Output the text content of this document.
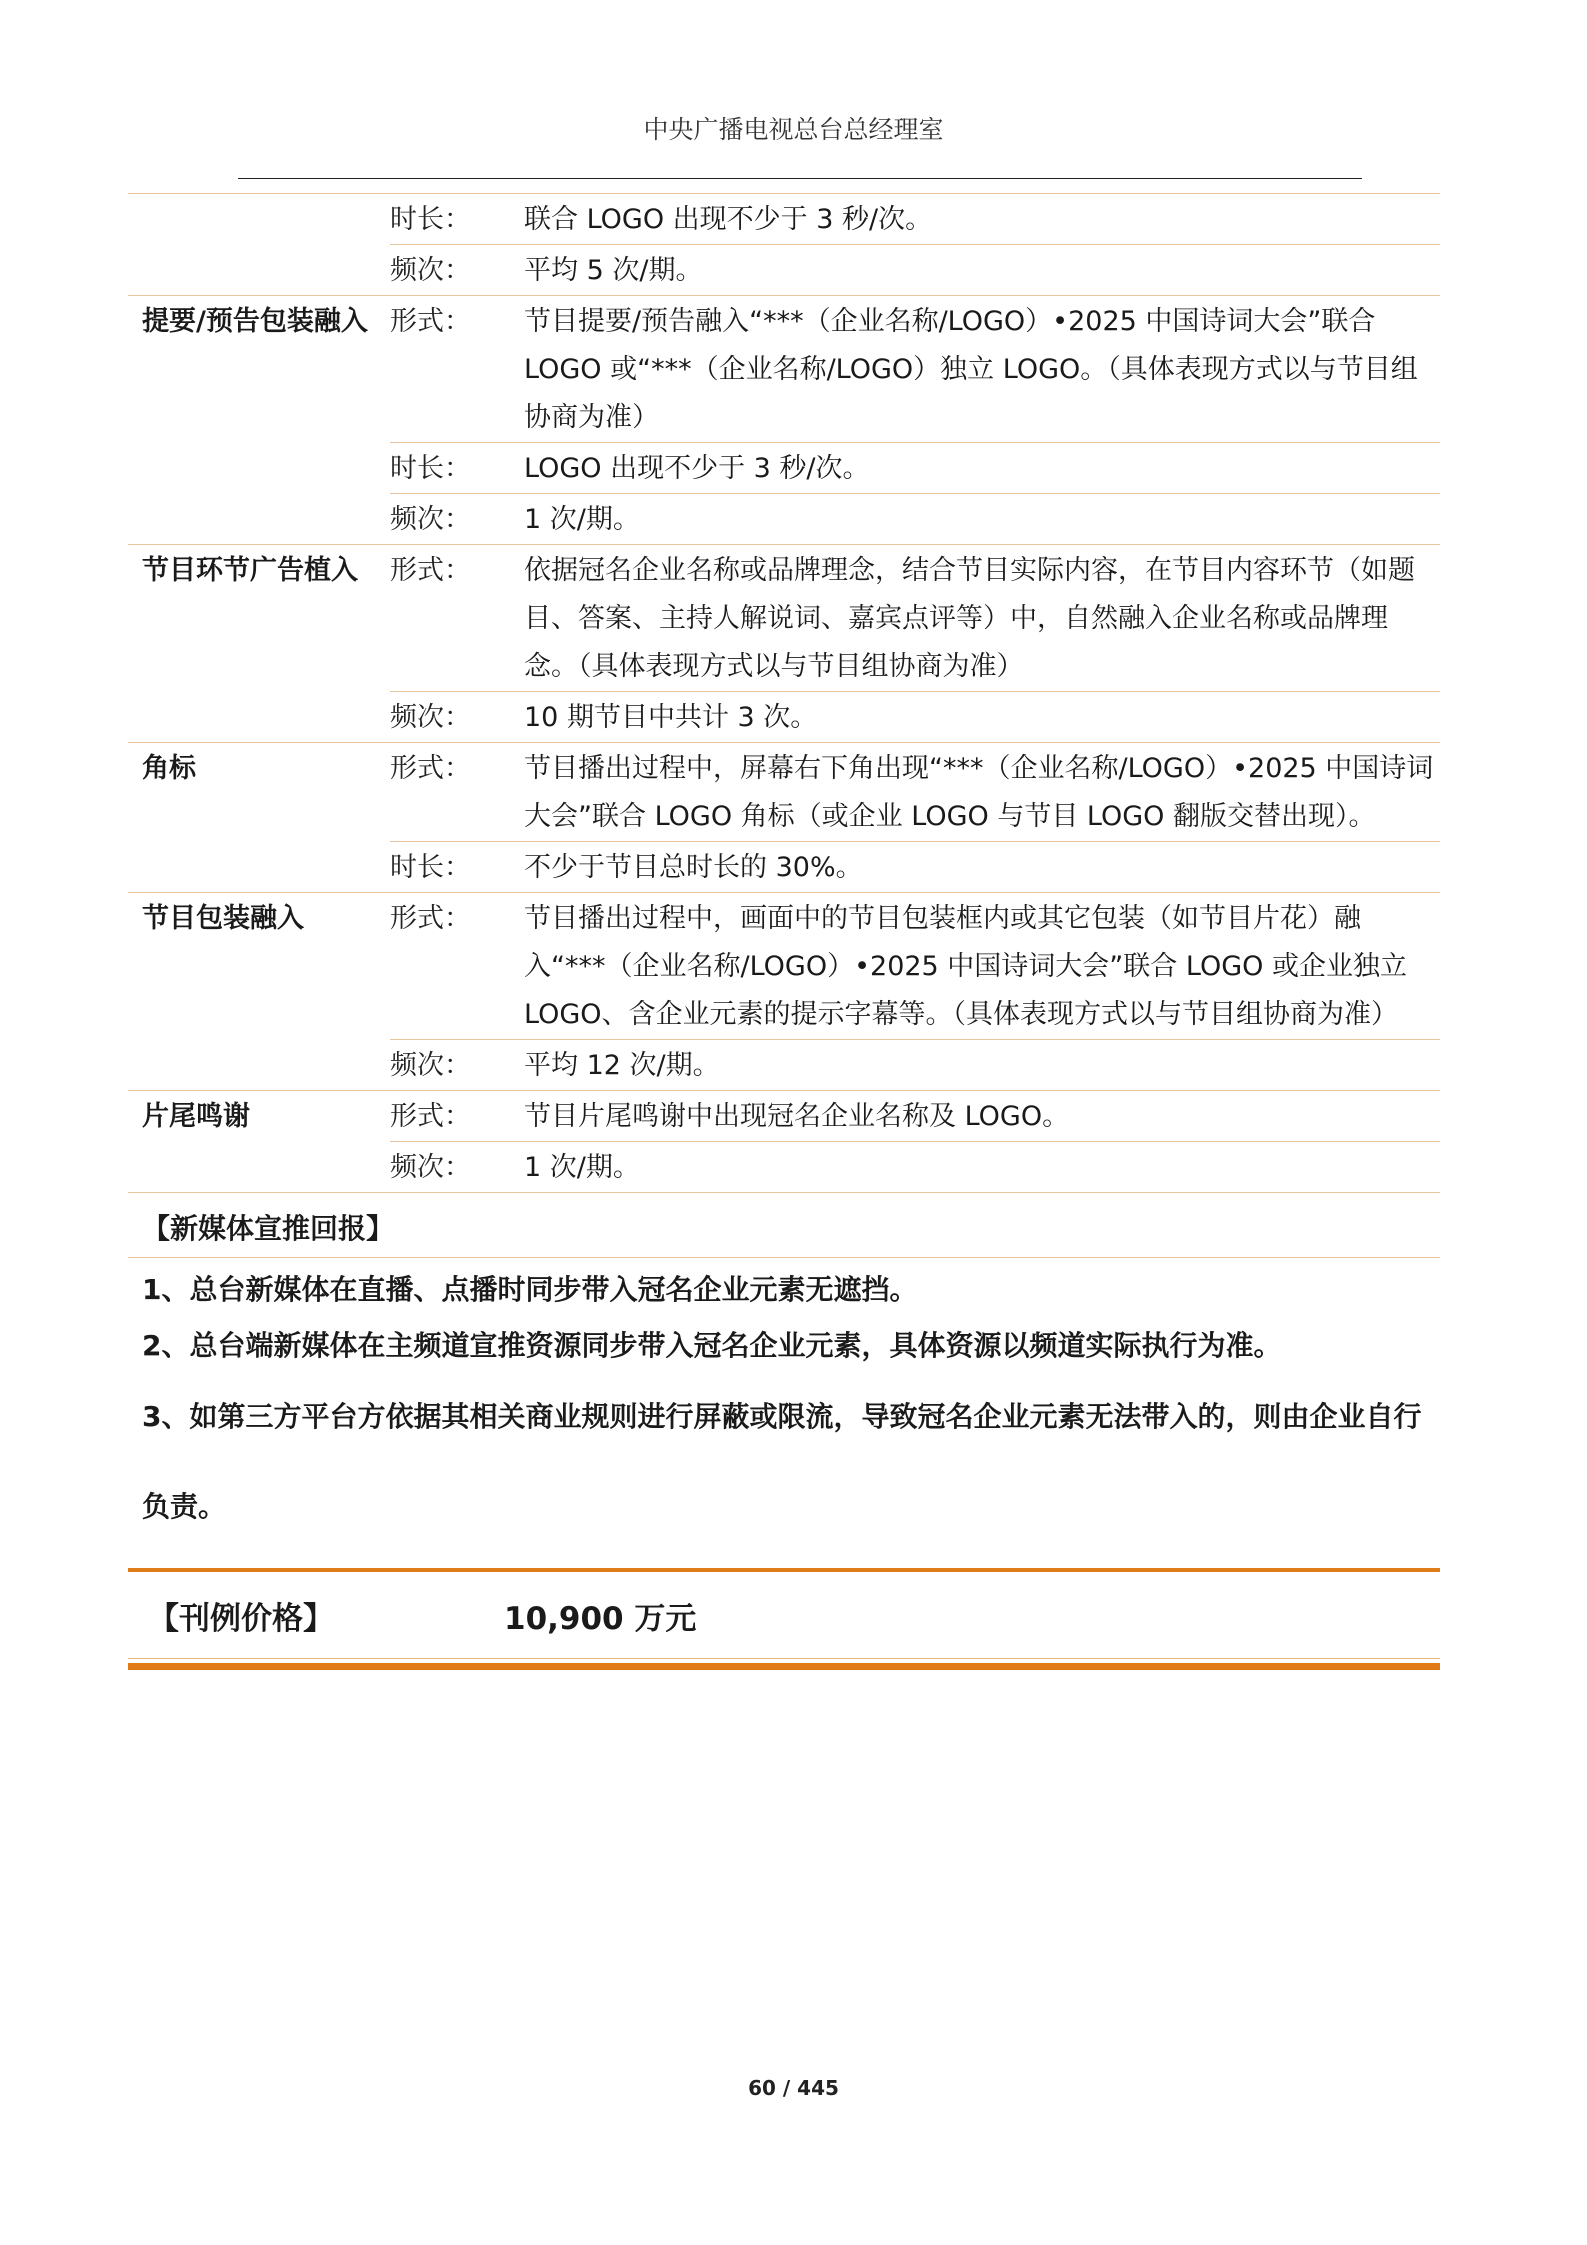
中央广播电视总台总经理室
	时长：	联合 LOGO 出现不少于 3 秒/次。
	频次：	平均 5 次/期。
提要/预告包装融入	形式：	节目提要/预告融入“***（企业名称/LOGO）•2025 中国诗词大会”联合 LOGO 或“***（企业名称/LOGO）独立 LOGO。（具体表现方式以与节目组协商为准）
	时长：	LOGO 出现不少于 3 秒/次。
	频次：	1 次/期。
节目环节广告植入	形式：	依据冠名企业名称或品牌理念，结合节目实际内容，在节目内容环节（如题目、答案、主持人解说词、嘉宾点评等）中，自然融入企业名称或品牌理念。（具体表现方式以与节目组协商为准）
	频次：	10 期节目中共计 3 次。
角标	形式：	节目播出过程中，屏幕右下角出现“***（企业名称/LOGO）•2025 中国诗词大会”联合 LOGO 角标（或企业 LOGO 与节目 LOGO 翻版交替出现）。

	时长：	不少于节目总时长的 30%。
节目包装融入	形式：	节目播出过程中，画面中的节目包装框内或其它包装（如节目片花）融入“***（企业名称/LOGO）•2025 中国诗词大会”联合 LOGO 或企业独立 LOGO、含企业元素的提示字幕等。（具体表现方式以与节目组协商为准）
	频次：	平均 12 次/期。
片尾鸣谢	形式：	节目片尾鸣谢中出现冠名企业名称及 LOGO。
	频次：	1 次/期。
【新媒体宣推回报】
1、总台新媒体在直播、点播时同步带入冠名企业元素无遮挡。
2、总台端新媒体在主频道宣推资源同步带入冠名企业元素，具体资源以频道实际执行为准。
3、如第三方平台方依据其相关商业规则进行屏蔽或限流，导致冠名企业元素无法带入的，则由企业自行负责。
【刊例价格】	10,900 万元
60 / 445
